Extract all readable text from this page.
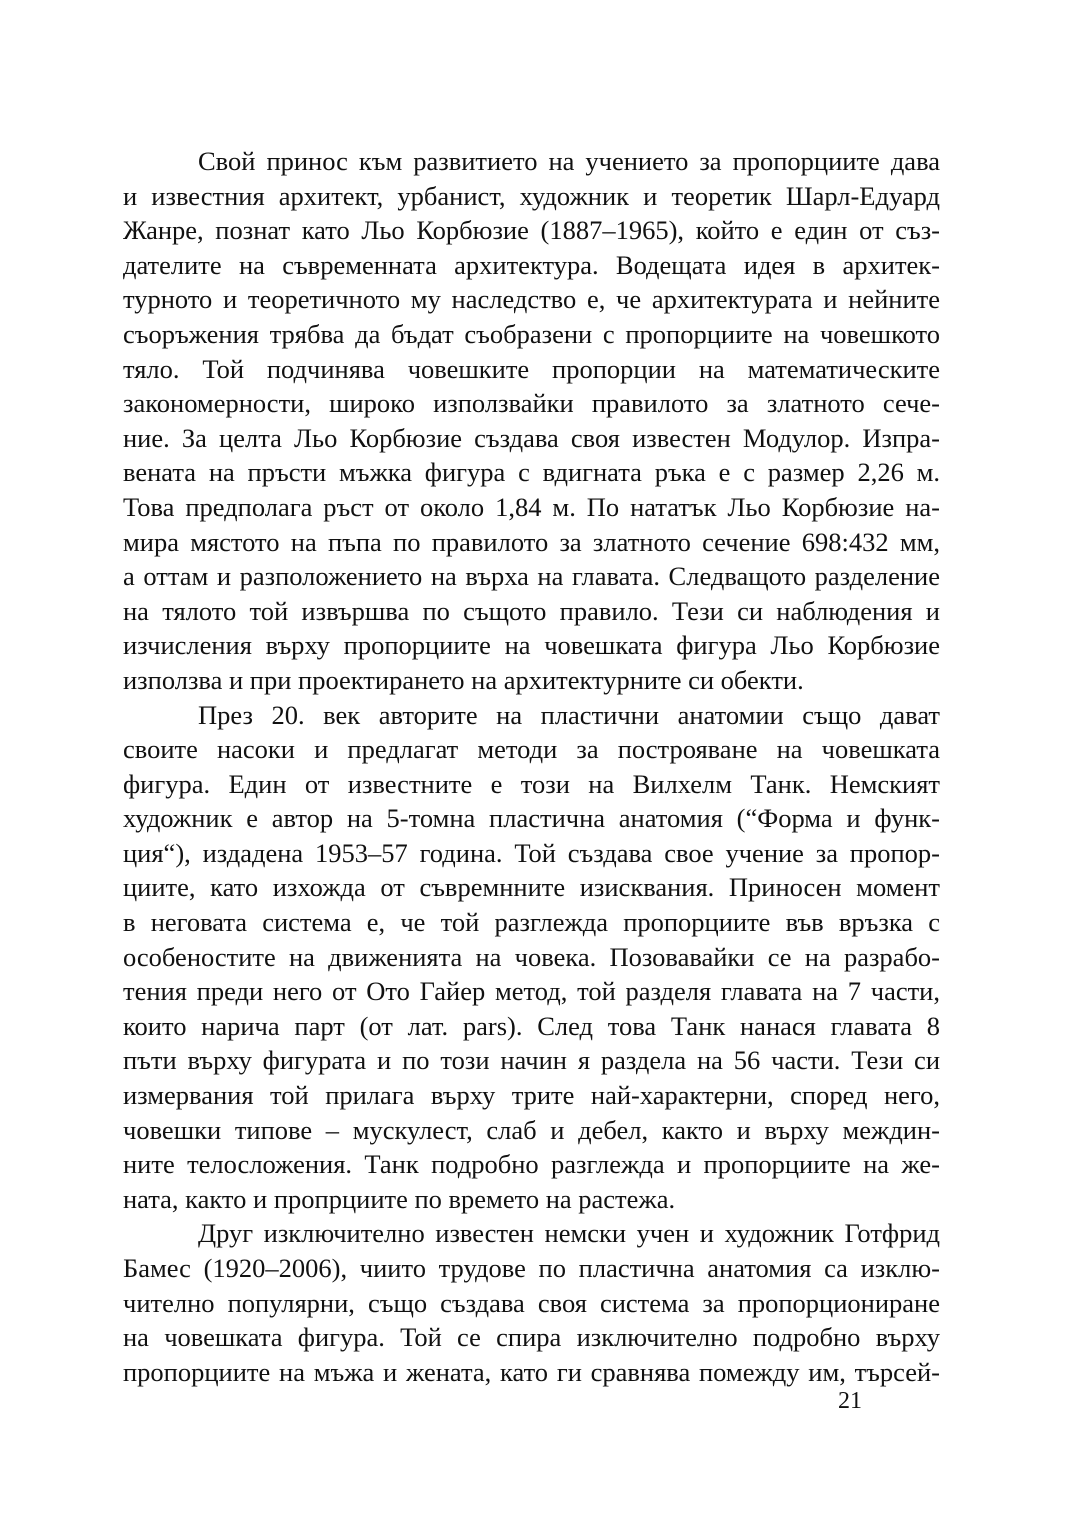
Свой принос към развитието на учението за пропорциите дава
и известния архитект, урбанист, художник и теоретик Шарл-Едуард
Жанре, познат като Льо Корбюзие (1887–1965), който е един от съз-
дателите на съвременната архитектура. Водещата идея в архитек-
турното и теоретичното му наследство е, че архитектурата и нейните
съоръжения трябва да бъдат съобразени с пропорциите на човешкото
тяло. Той подчинява човешките пропорции на математическите
закономерности, широко използвайки правилото за златното сече-
ние. За целта Льо Корбюзие създава своя известен Модулор. Изпра-
вената на пръсти мъжка фигура с вдигната ръка е с размер 2,26 м.
Това предполага ръст от около 1,84 м. По нататък Льо Корбюзие на-
мира мястото на пъпа по правилото за златното сечение 698:432 мм,
а оттам и разположението на върха на главата. Следващото разделение
на тялото той извършва по същото правило. Тези си наблюдения и
изчисления върху пропорциите на човешката фигура Льо Корбюзие
използва и при проектирането на архитектурните си обекти.
През 20. век авторите на пластични анатомии също дават
своите насоки и предлагат методи за построяване на човешката
фигура. Един от известните е този на Вилхелм Танк. Немският
художник е автор на 5-томна пластична анатомия (“Форма и функ-
ция“), издадена 1953–57 година. Той създава свое учение за пропор-
циите, като изхожда от съвремнните изисквания. Приносен момент
в неговата система е, че той разглежда пропорциите във връзка с
особеностите на движенията на човека. Позовавайки се на разрабо-
тения преди него от Ото Гайер метод, той разделя главата на 7 части,
които нарича парт (от лат. pars). След това Танк нанася главата 8
пъти върху фигурата и по този начин я раздела на 56 части. Тези си
измервания той прилага върху трите най-характерни, според него,
човешки типове – мускулест, слаб и дебел, както и върху междин-
ните телосложения. Танк подробно разглежда и пропорциите на же-
ната, както и пропрциите по времето на растежа.
Друг изключително известен немски учен и художник Готфрид
Бамес (1920–2006), чиито трудове по пластична анатомия са изклю-
чително популярни, също създава своя система за пропорциониране
на човешката фигура. Той се спира изключително подробно върху
пропорциите на мъжа и жената, като ги сравнява помежду им, търсей-
21
